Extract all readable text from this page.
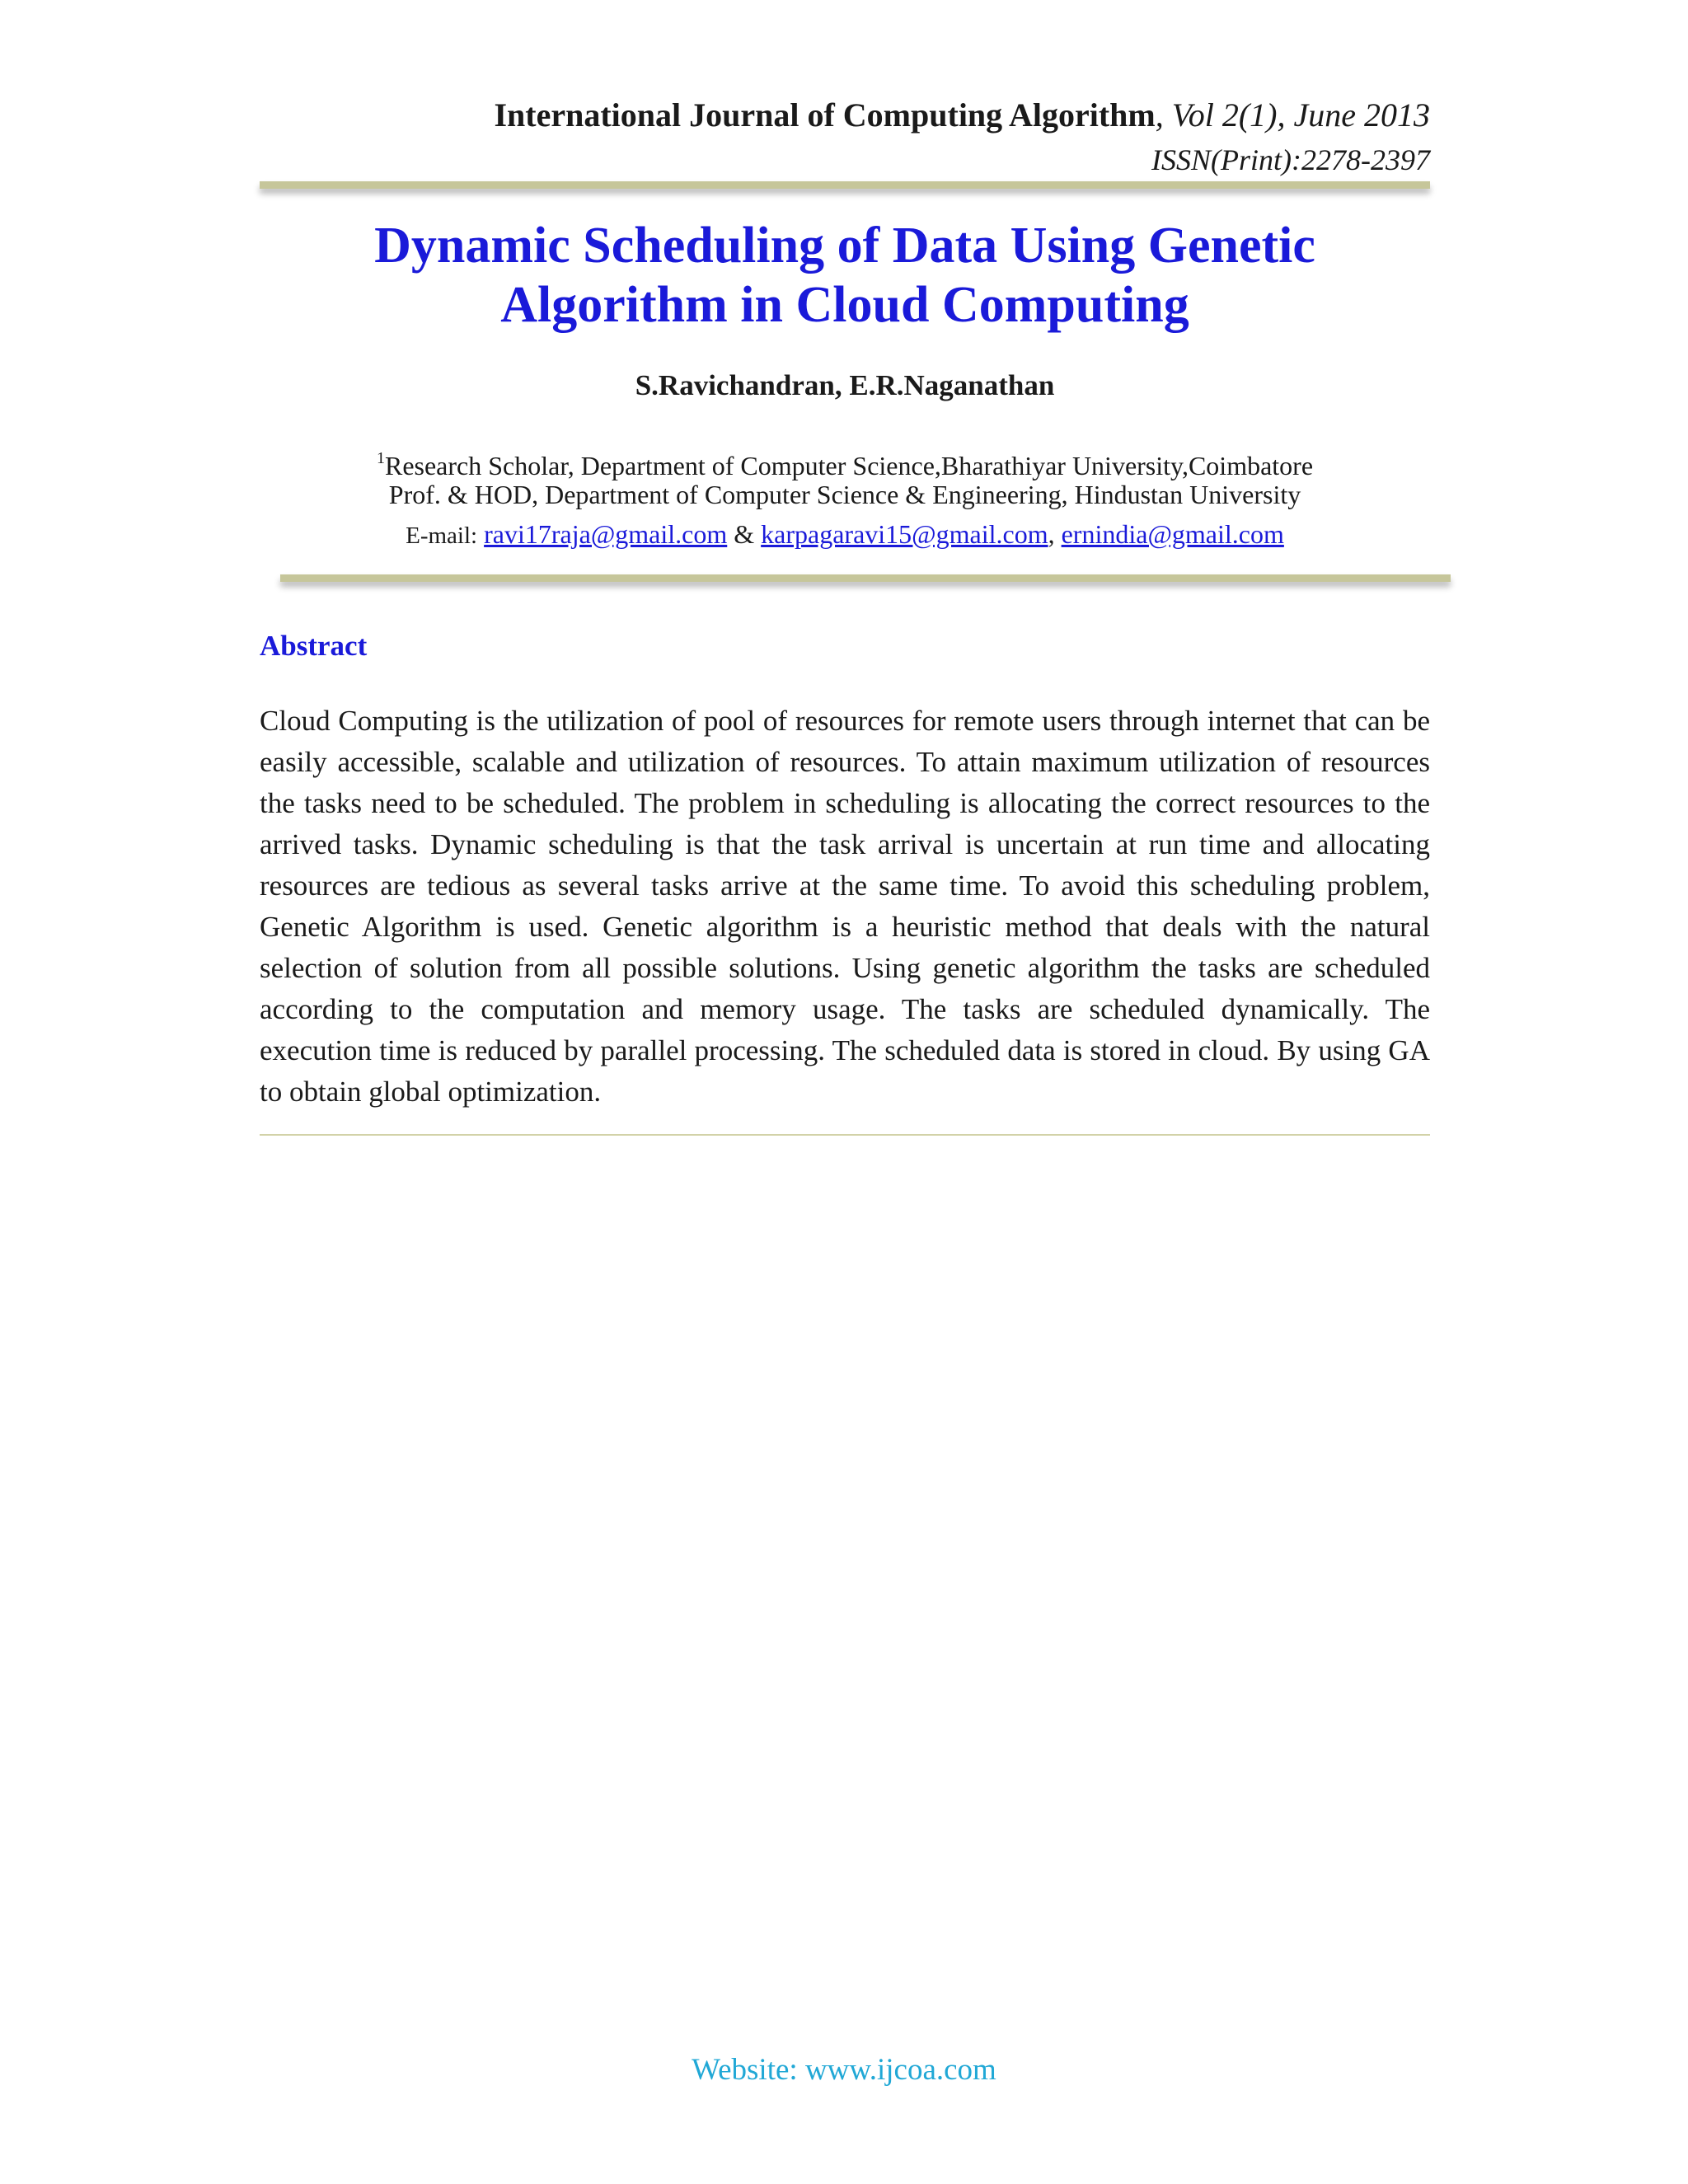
International Journal of Computing Algorithm, Vol 2(1), June 2013
ISSN(Print):2278-2397
Dynamic Scheduling of Data Using Genetic
Algorithm in Cloud Computing
S.Ravichandran, E.R.Naganathan
$^1$Research Scholar, Department of Computer Science,Bharathiyar University,Coimbatore
Prof. & HOD, Department of Computer Science & Engineering, Hindustan University
E-mail: ravi17raja@gmail.com & karpagaravi15@gmail.com, ernindia@gmail.com
Abstract
Cloud Computing is the utilization of pool of resources for remote users through internet that can be easily accessible, scalable and utilization of resources. To attain maximum utilization of resources the tasks need to be scheduled. The problem in scheduling is allocating the correct resources to the arrived tasks. Dynamic scheduling is that the task arrival is uncertain at run time and allocating resources are tedious as several tasks arrive at the same time. To avoid this scheduling problem, Genetic Algorithm is used. Genetic algorithm is a heuristic method that deals with the natural selection of solution from all possible solutions. Using genetic algorithm the tasks are scheduled according to the computation and memory usage. The tasks are scheduled dynamically. The execution time is reduced by parallel processing. The scheduled data is stored in cloud. By using GA to obtain global optimization.
Website: www.ijcoa.com
